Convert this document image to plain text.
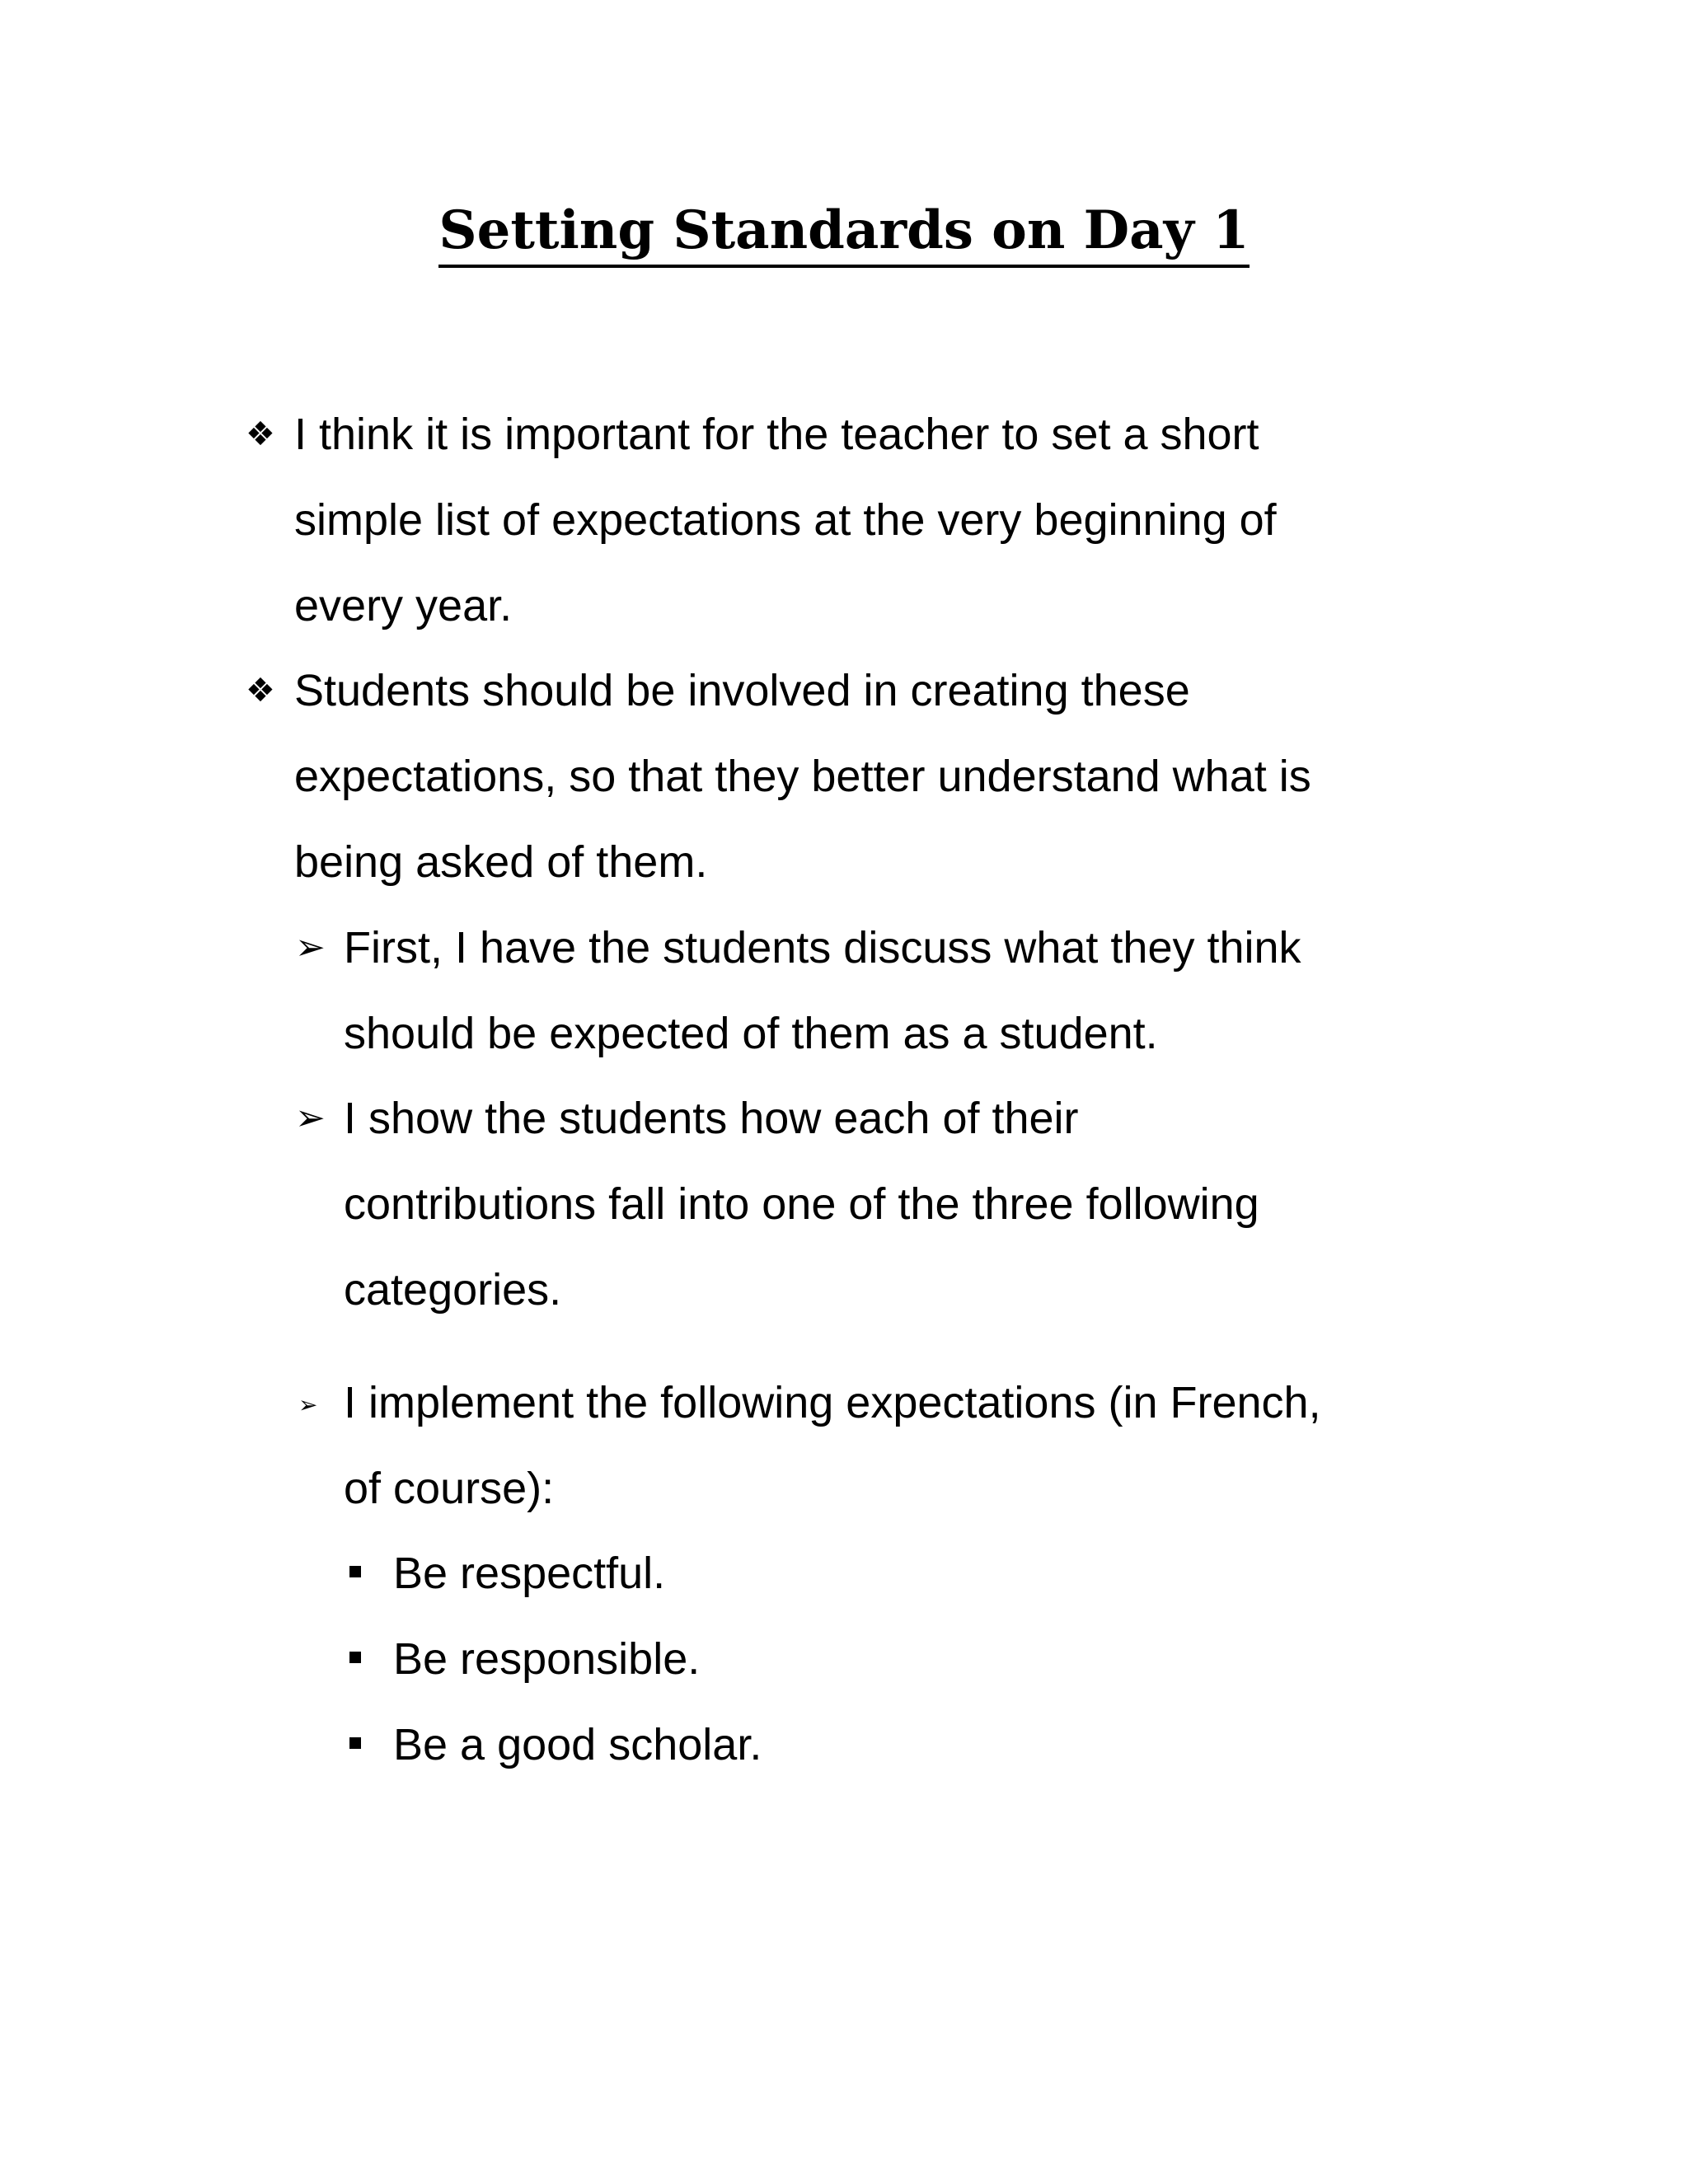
Setting Standards on Day 1
❖ I think it is important for the teacher to set a short
simple list of expectations at the very beginning of
every year.
❖ Students should be involved in creating these
expectations, so that they better understand what is
being asked of them.
➢ First, I have the students discuss what they think
should be expected of them as a student.
➢ I show the students how each of their
contributions fall into one of the three following
categories.
➢ I implement the following expectations (in French,
of course):
Be respectful.
Be responsible.
Be a good scholar.
